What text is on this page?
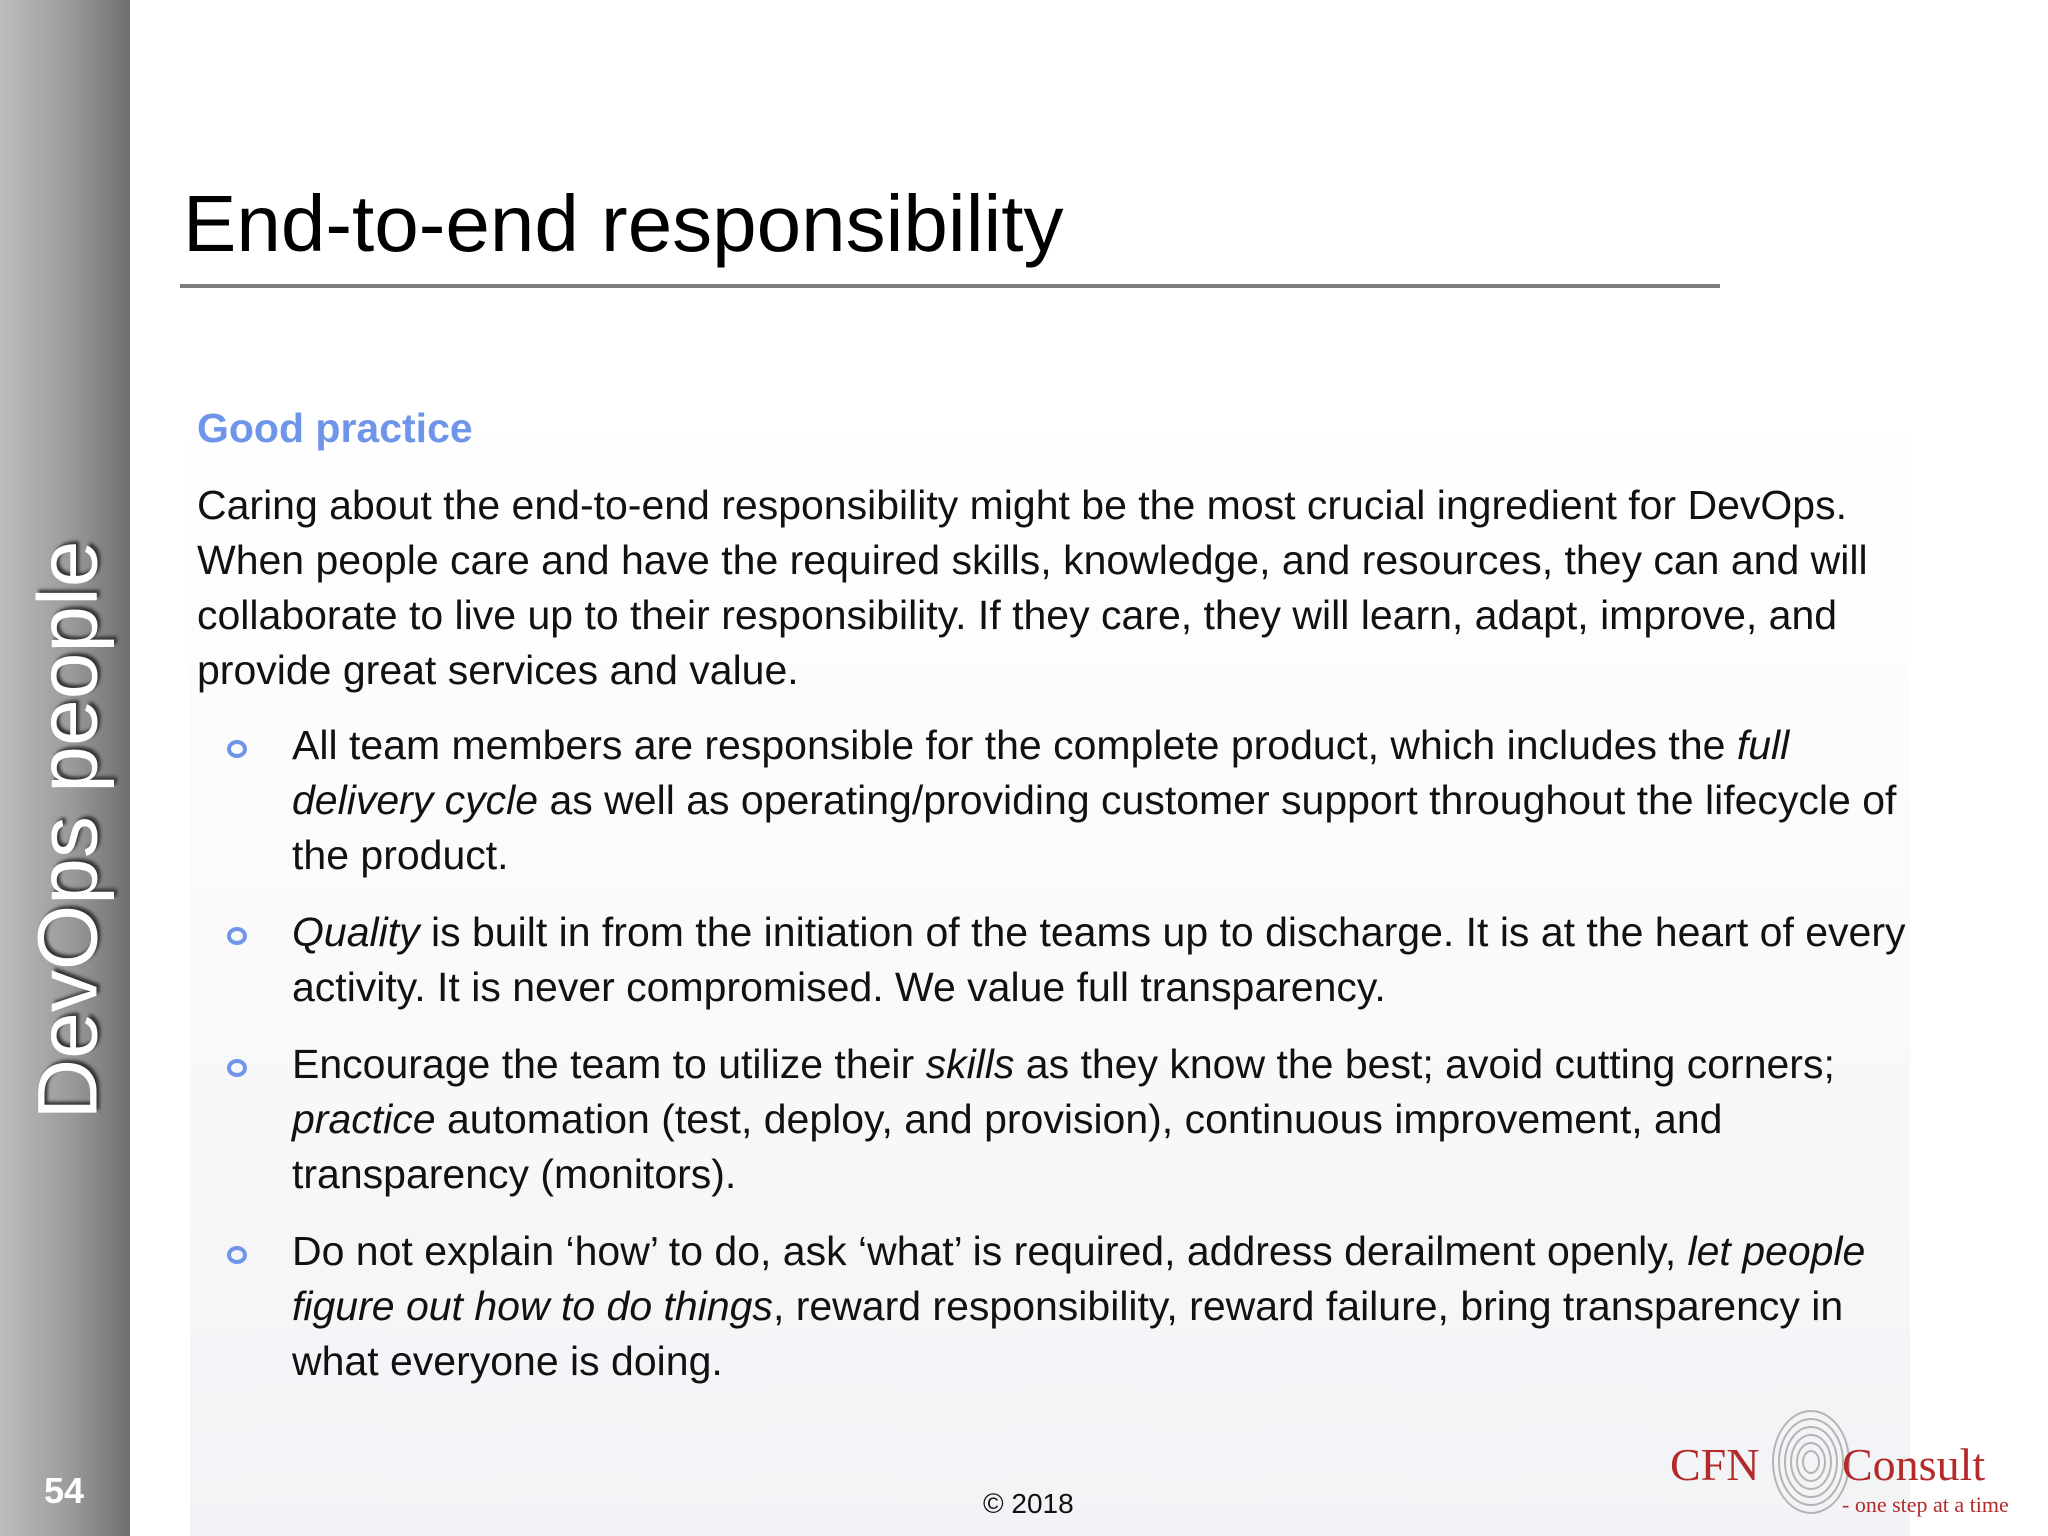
DevOps people
54
End-to-end responsibility
Good practice

Caring about the end-to-end responsibility might be the most crucial ingredient for DevOps. When people care and have the required skills, knowledge, and resources, they can and will collaborate to live up to their responsibility. If they care, they will learn, adapt, improve, and provide great services and value.

All team members are responsible for the complete product, which includes the full delivery cycle as well as operating/providing customer support throughout the lifecycle of the product.
Quality is built in from the initiation of the teams up to discharge. It is at the heart of every activity. It is never compromised. We value full transparency.
Encourage the team to utilize their skills as they know the best; avoid cutting corners; practice automation (test, deploy, and provision), continuous improvement, and transparency (monitors).
Do not explain ‘how’ to do, ask ‘what’ is required, address derailment openly, let people figure out how to do things, reward responsibility, reward failure, bring transparency in what everyone is doing.
© 2018
CFN Consult
- one step at a time
